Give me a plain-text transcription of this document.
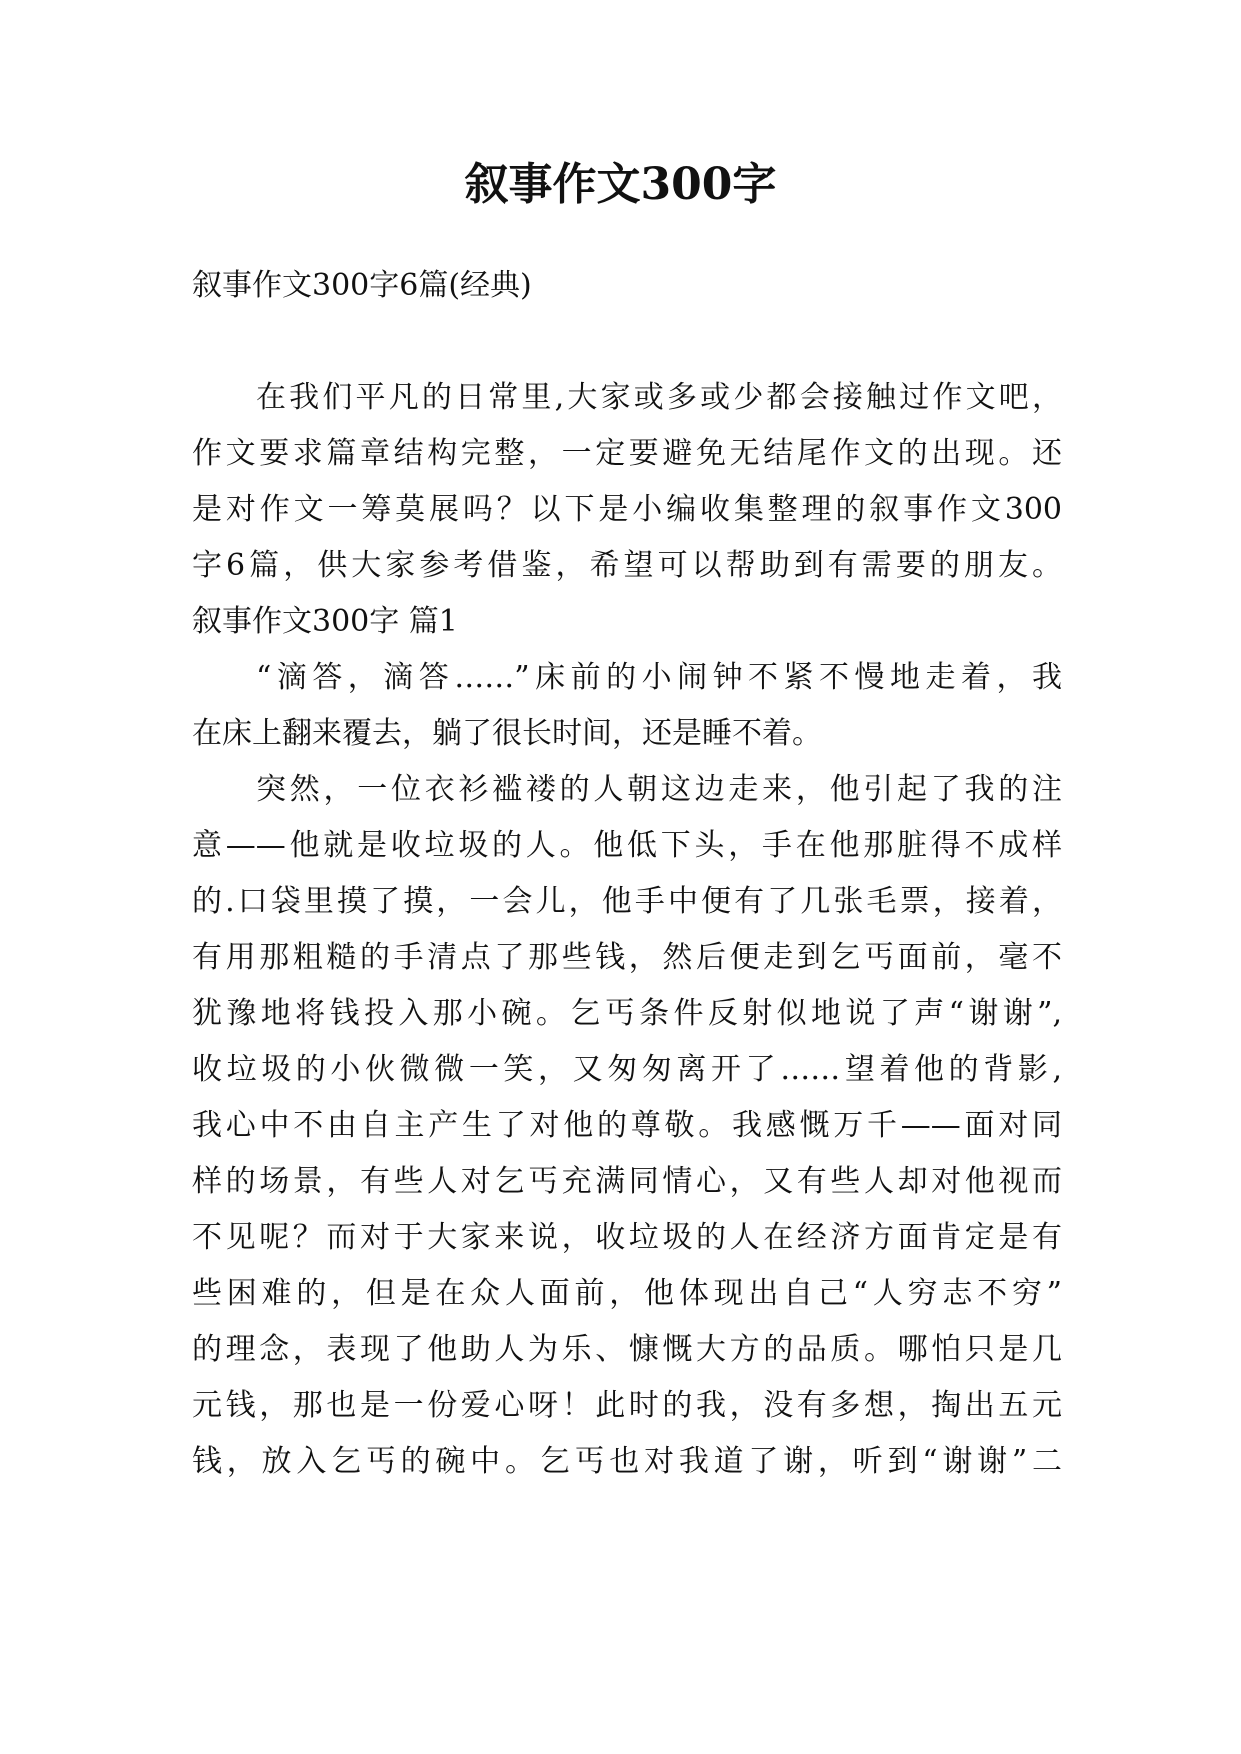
叙事作文300字

叙事作文300字6篇(经典)

在我们平凡的日常里,大家或多或少都会接触过作文吧，

作文要求篇章结构完整，一定要避免无结尾作文的出现。还

是对作文一筹莫展吗？以下是小编收集整理的叙事作文300

字6篇，供大家参考借鉴，希望可以帮助到有需要的朋友。

叙事作文300字 篇1

“滴答，滴答……”床前的小闹钟不紧不慢地走着，我

在床上翻来覆去，躺了很长时间，还是睡不着。

突然，一位衣衫褴褛的人朝这边走来，他引起了我的注

意——他就是收垃圾的人。他低下头，手在他那脏得不成样

的.口袋里摸了摸，一会儿，他手中便有了几张毛票，接着，

有用那粗糙的手清点了那些钱，然后便走到乞丐面前，毫不

犹豫地将钱投入那小碗。乞丐条件反射似地说了声“谢谢”,

收垃圾的小伙微微一笑，又匆匆离开了……望着他的背影,

我心中不由自主产生了对他的尊敬。我感慨万千——面对同

样的场景，有些人对乞丐充满同情心，又有些人却对他视而

不见呢？而对于大家来说，收垃圾的人在经济方面肯定是有

些困难的，但是在众人面前，他体现出自己“人穷志不穷”

的理念，表现了他助人为乐、慷慨大方的品质。哪怕只是几

元钱，那也是一份爱心呀！此时的我，没有多想，掏出五元

钱，放入乞丐的碗中。乞丐也对我道了谢，听到“谢谢”二
